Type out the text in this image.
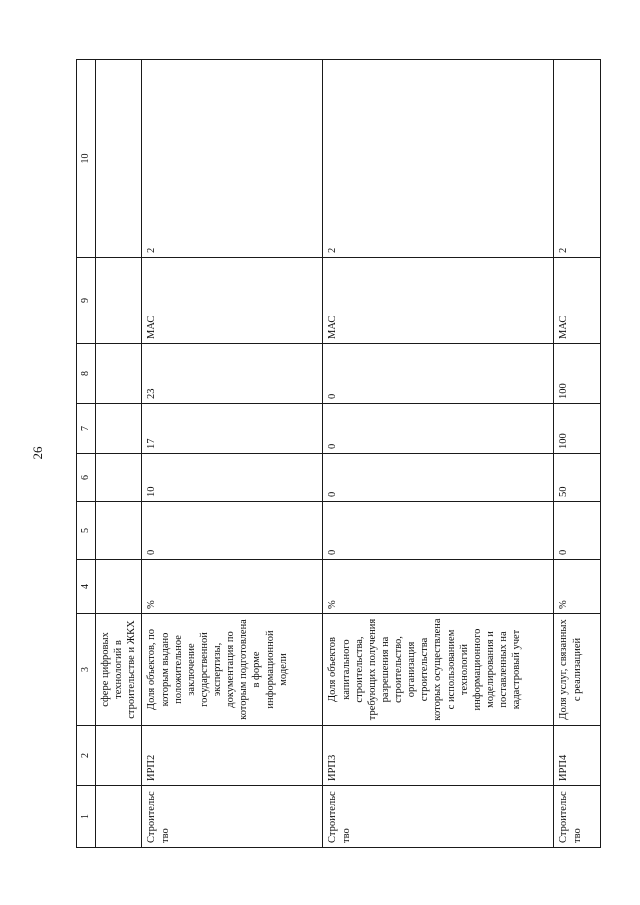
26
1	2	3	4	5	6	7	8	9	10
		сфере цифровых технологий в строительстве и ЖКХ							
Строительство	ИРП2	Доля объектов, по которым выдано положительное заключение государственной экспертизы, документация по которым подготовлена в форме информационной модели	%	0	10	17	23	МАС	2
Строительство	ИРП3	Доля объектов капитального строительства, требующих получения разрешения на строительство, организация строительства которых осуществлена с использованием технологий информационного моделирования и поставленных на кадастровый учет	%	0	0	0	0	МАС	2
Строительство	ИРП4	Доля услуг, связанных с реализацией	%	0	50	100	100	МАС	2
